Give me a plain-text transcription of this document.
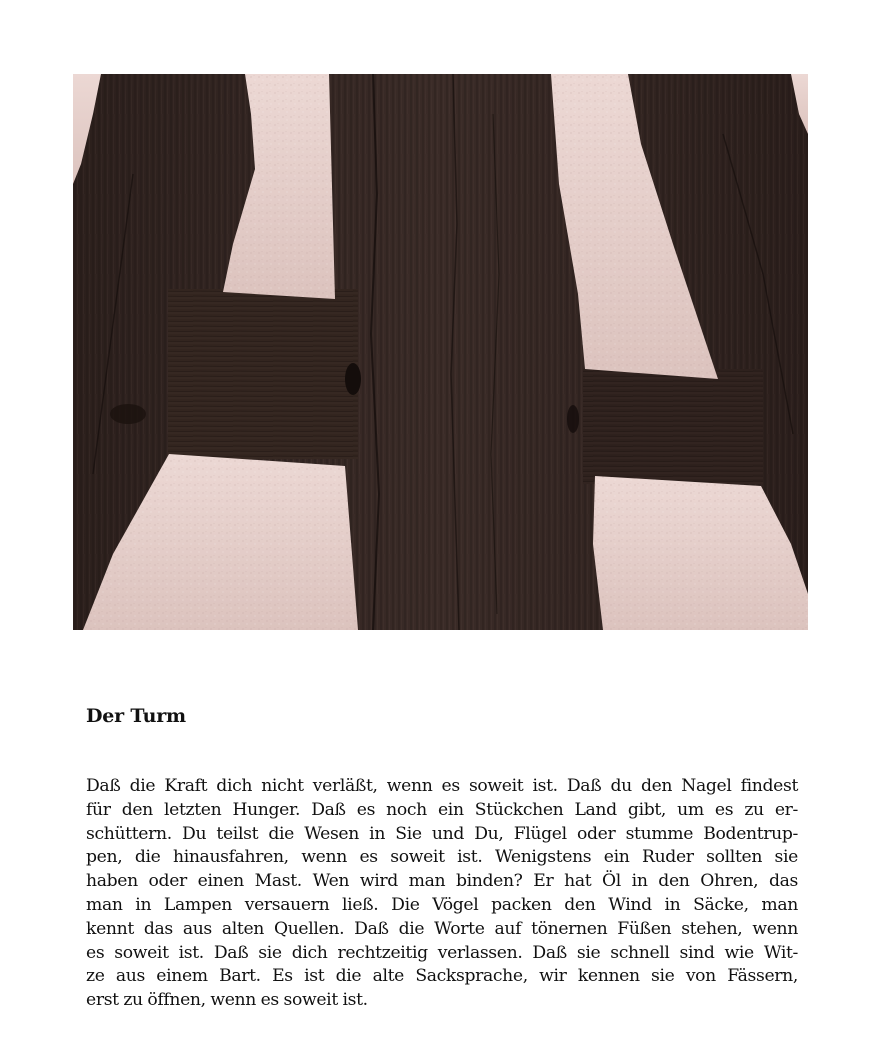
Der Turm

Daß die Kraft dich nicht verläßt, wenn es soweit ist. Daß du den Nagel findest
für den letzten Hunger. Daß es noch ein Stückchen Land gibt, um es zu er-
schüttern. Du teilst die Wesen in Sie und Du, Flügel oder stumme Bodentrup-
pen, die hinausfahren, wenn es soweit ist. Wenigstens ein Ruder sollten sie
haben oder einen Mast. Wen wird man binden? Er hat Öl in den Ohren, das
man in Lampen versauern ließ. Die Vögel packen den Wind in Säcke, man
kennt das aus alten Quellen. Daß die Worte auf tönernen Füßen stehen, wenn
es soweit ist. Daß sie dich rechtzeitig verlassen. Daß sie schnell sind wie Wit-
ze aus einem Bart. Es ist die alte Sacksprache, wir kennen sie von Fässern,
erst zu öffnen, wenn es soweit ist.
